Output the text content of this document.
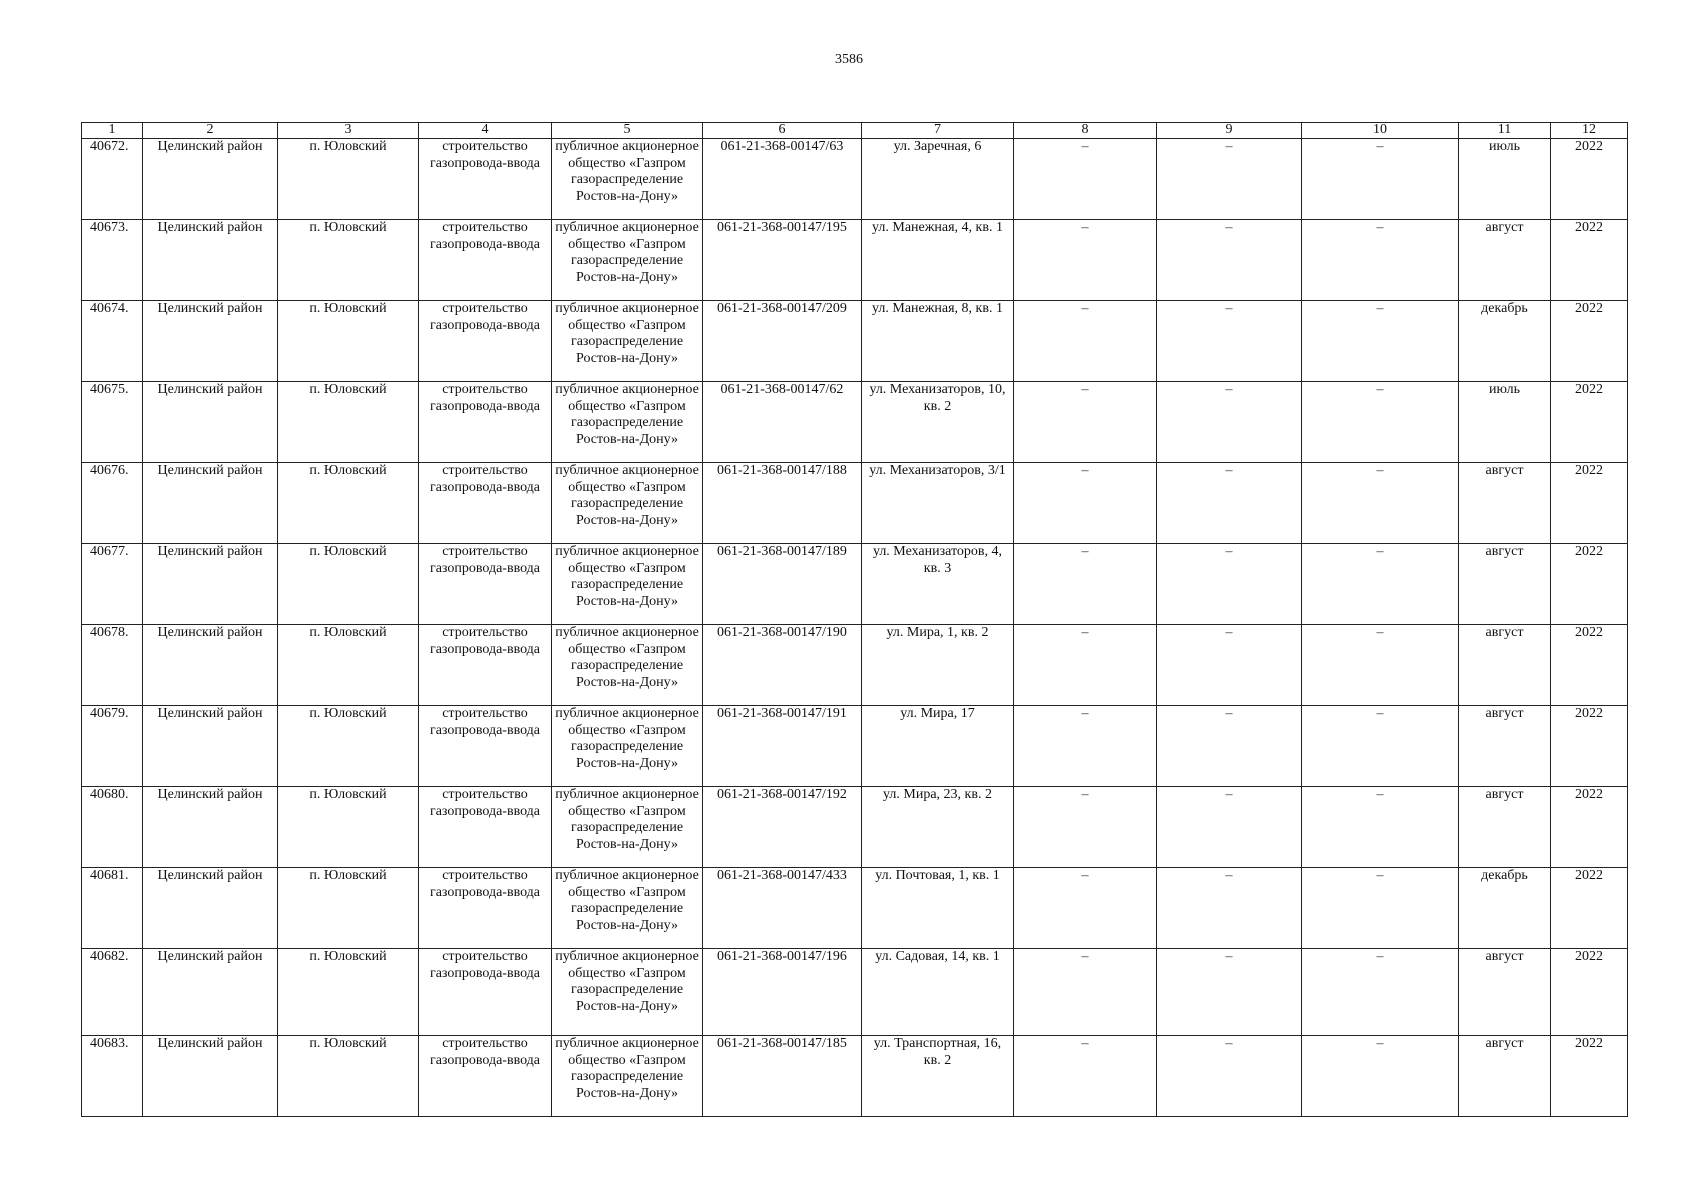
3586
1	2	3	4	5	6	7	8	9	10	11	12
40672.	Целинский район	п. Юловский	строительство газопровода-ввода	публичное акционерное общество «Газпром газораспределение Ростов-на-Дону»	061-21-368-00147/63	ул. Заречная, 6	–	–	–	июль	2022
40673.	Целинский район	п. Юловский	строительство газопровода-ввода	публичное акционерное общество «Газпром газораспределение Ростов-на-Дону»	061-21-368-00147/195	ул. Манежная, 4, кв. 1	–	–	–	август	2022
40674.	Целинский район	п. Юловский	строительство газопровода-ввода	публичное акционерное общество «Газпром газораспределение Ростов-на-Дону»	061-21-368-00147/209	ул. Манежная, 8, кв. 1	–	–	–	декабрь	2022
40675.	Целинский район	п. Юловский	строительство газопровода-ввода	публичное акционерное общество «Газпром газораспределение Ростов-на-Дону»	061-21-368-00147/62	ул. Механизаторов, 10, кв. 2	–	–	–	июль	2022
40676.	Целинский район	п. Юловский	строительство газопровода-ввода	публичное акционерное общество «Газпром газораспределение Ростов-на-Дону»	061-21-368-00147/188	ул. Механизаторов, 3/1	–	–	–	август	2022
40677.	Целинский район	п. Юловский	строительство газопровода-ввода	публичное акционерное общество «Газпром газораспределение Ростов-на-Дону»	061-21-368-00147/189	ул. Механизаторов, 4, кв. 3	–	–	–	август	2022
40678.	Целинский район	п. Юловский	строительство газопровода-ввода	публичное акционерное общество «Газпром газораспределение Ростов-на-Дону»	061-21-368-00147/190	ул. Мира, 1, кв. 2	–	–	–	август	2022
40679.	Целинский район	п. Юловский	строительство газопровода-ввода	публичное акционерное общество «Газпром газораспределение Ростов-на-Дону»	061-21-368-00147/191	ул. Мира, 17	–	–	–	август	2022
40680.	Целинский район	п. Юловский	строительство газопровода-ввода	публичное акционерное общество «Газпром газораспределение Ростов-на-Дону»	061-21-368-00147/192	ул. Мира, 23, кв. 2	–	–	–	август	2022
40681.	Целинский район	п. Юловский	строительство газопровода-ввода	публичное акционерное общество «Газпром газораспределение Ростов-на-Дону»	061-21-368-00147/433	ул. Почтовая, 1, кв. 1	–	–	–	декабрь	2022
40682.	Целинский район	п. Юловский	строительство газопровода-ввода	публичное акционерное общество «Газпром газораспределение Ростов-на-Дону»	061-21-368-00147/196	ул. Садовая, 14, кв. 1	–	–	–	август	2022
40683.	Целинский район	п. Юловский	строительство газопровода-ввода	публичное акционерное общество «Газпром газораспределение Ростов-на-Дону»	061-21-368-00147/185	ул. Транспортная, 16, кв. 2	–	–	–	август	2022
